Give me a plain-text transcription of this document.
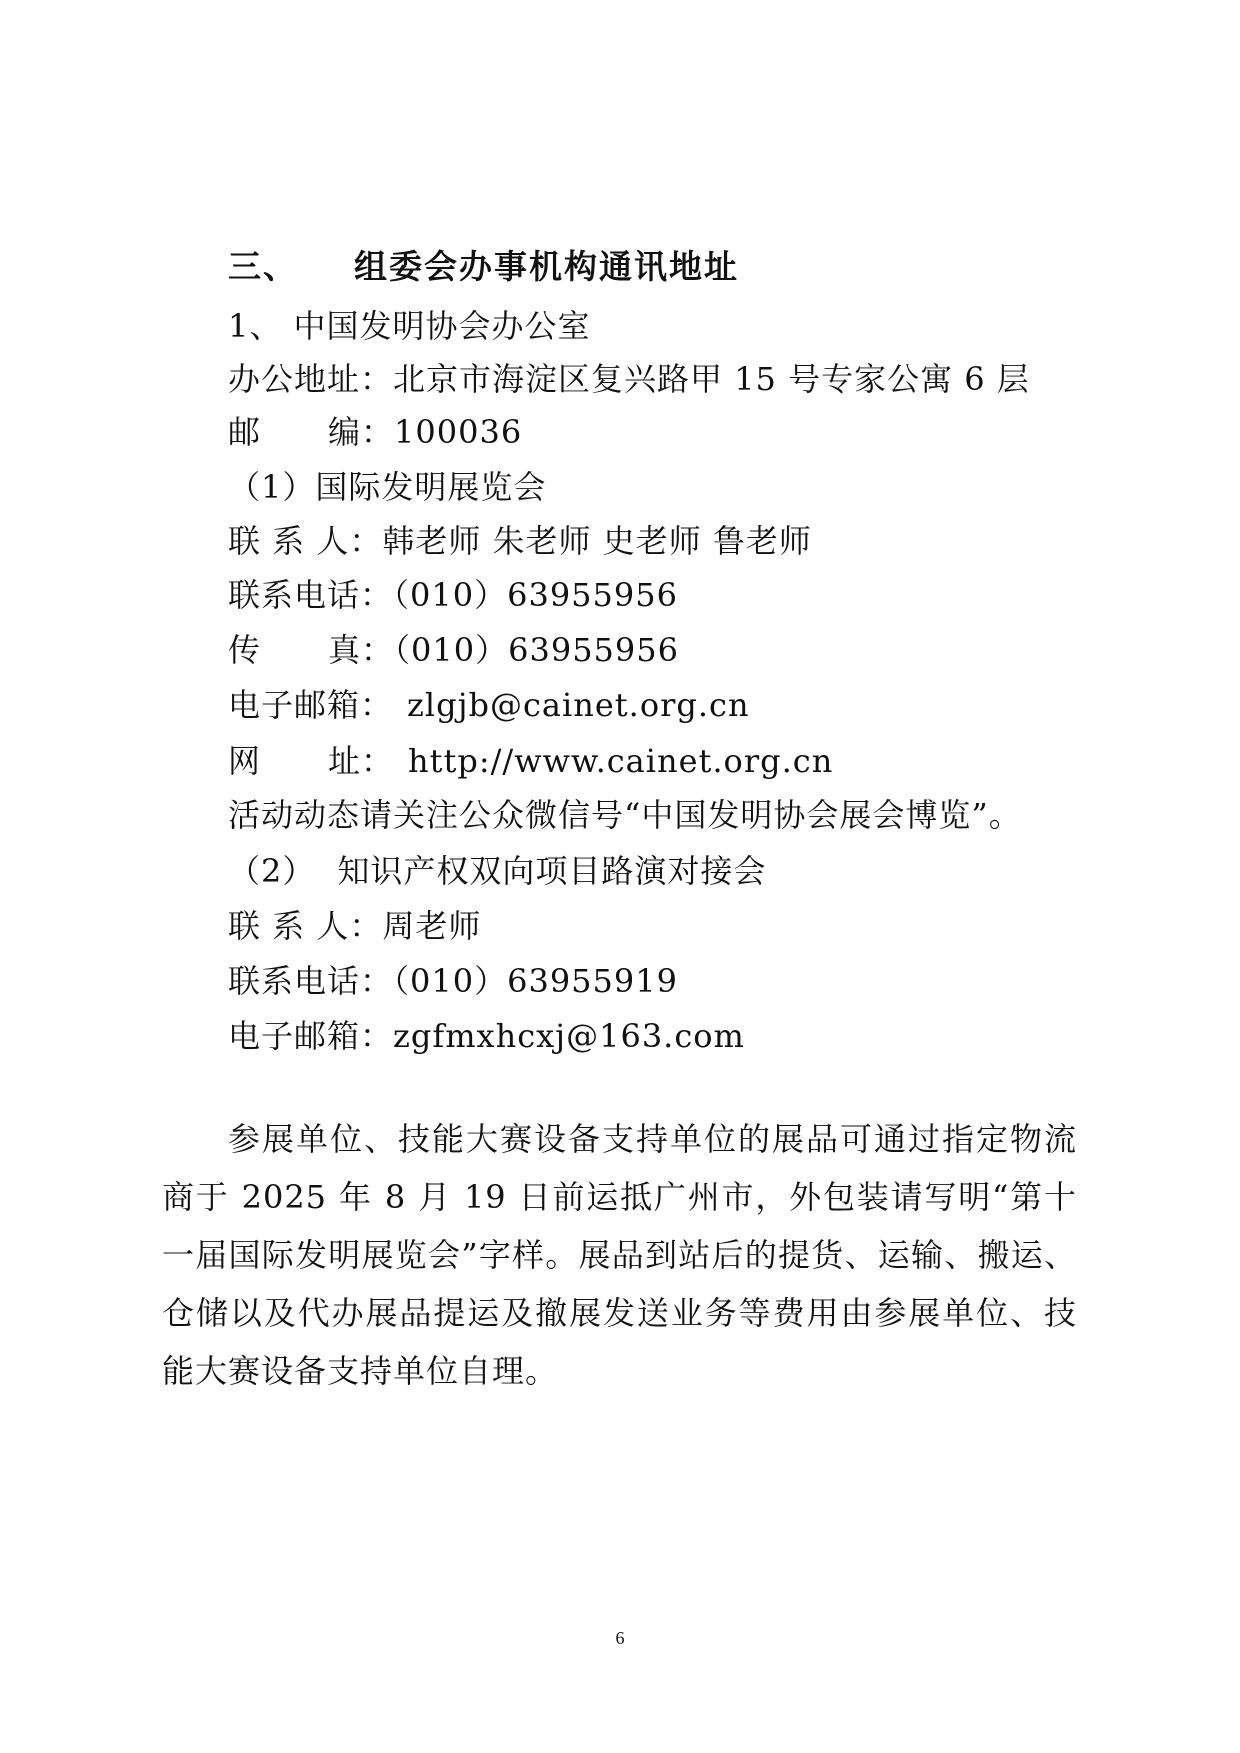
三、 组委会办事机构通讯地址
1、 中国发明协会办公室
办公地址：北京市海淀区复兴路甲 15 号专家公寓 6 层
邮 编：100036
（1）国际发明展览会
联 系 人：韩老师 朱老师 史老师 鲁老师
联系电话：（010）63955956
传 真：（010）63955956
电子邮箱： zlgjb@cainet.org.cn
网 址： http://www.cainet.org.cn
活动动态请关注公众微信号“中国发明协会展会博览”。
（2） 知识产权双向项目路演对接会
联 系 人：周老师
联系电话：（010）63955919
电子邮箱：zgfmxhcxj@163.com

参展单位、技能大赛设备支持单位的展品可通过指定物流商于 2025 年 8 月 19 日前运抵广州市，外包装请写明“第十一届国际发明展览会”字样。展品到站后的提货、运输、搬运、仓储以及代办展品提运及撤展发送业务等费用由参展单位、技能大赛设备支持单位自理。

6
